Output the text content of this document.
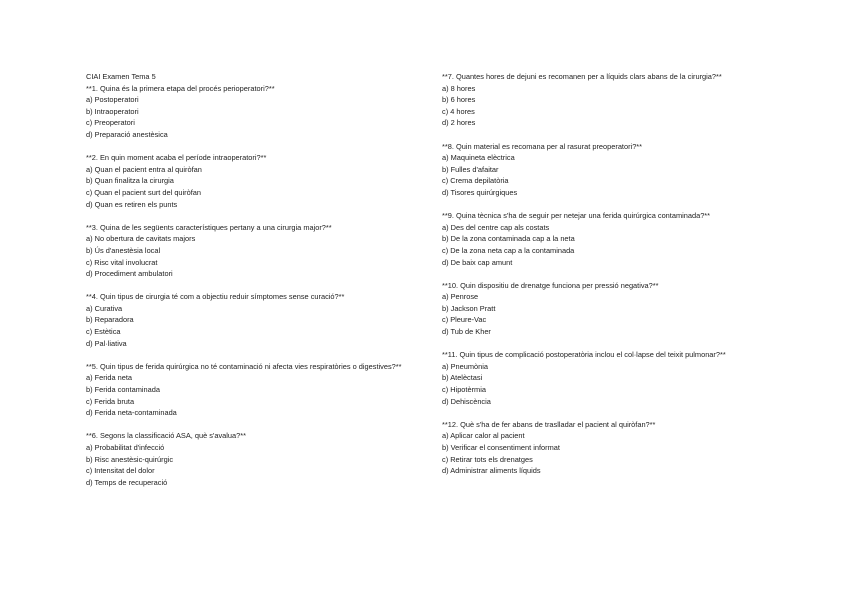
CIAI Examen Tema 5
**1. Quina és la primera etapa del procés perioperatori?**
a) Postoperatori
b) Intraoperatori
c) Preoperatori
d) Preparació anestèsica
**2. En quin moment acaba el període intraoperatori?**
a) Quan el pacient entra al quiròfan
b) Quan finalitza la cirurgia
c) Quan el pacient surt del quiròfan
d) Quan es retiren els punts
**3. Quina de les següents característiques pertany a una cirurgia major?**
a) No obertura de cavitats majors
b) Ús d'anestèsia local
c) Risc vital involucrat
d) Procediment ambulatori
**4. Quin tipus de cirurgia té com a objectiu reduir símptomes sense curació?**
a) Curativa
b) Reparadora
c) Estètica
d) Pal·liativa
**5. Quin tipus de ferida quirúrgica no té contaminació ni afecta vies respiratòries o digestives?**
a) Ferida neta
b) Ferida contaminada
c) Ferida bruta
d) Ferida neta-contaminada
**6. Segons la classificació ASA, què s'avalua?**
a) Probabilitat d'infecció
b) Risc anestèsic-quirúrgic
c) Intensitat del dolor
d) Temps de recuperació
**7. Quantes hores de dejuni es recomanen per a líquids clars abans de la cirurgia?**
a) 8 hores
b) 6 hores
c) 4 hores
d) 2 hores
**8. Quin material es recomana per al rasurat preoperatori?**
a) Maquineta elèctrica
b) Fulles d'afaitar
c) Crema depilatòria
d) Tisores quirúrgiques
**9. Quina tècnica s'ha de seguir per netejar una ferida quirúrgica contaminada?**
a) Des del centre cap als costats
b) De la zona contaminada cap a la neta
c) De la zona neta cap a la contaminada
d) De baix cap amunt
**10. Quin dispositiu de drenatge funciona per pressió negativa?**
a) Penrose
b) Jackson Pratt
c) Pleure-Vac
d) Tub de Kher
**11. Quin tipus de complicació postoperatòria inclou el col·lapse del teixit pulmonar?**
a) Pneumònia
b) Atelèctasi
c) Hipotèrmia
d) Dehiscència
**12. Què s'ha de fer abans de traslladar el pacient al quiròfan?**
a) Aplicar calor al pacient
b) Verificar el consentiment informat
c) Retirar tots els drenatges
d) Administrar aliments líquids
